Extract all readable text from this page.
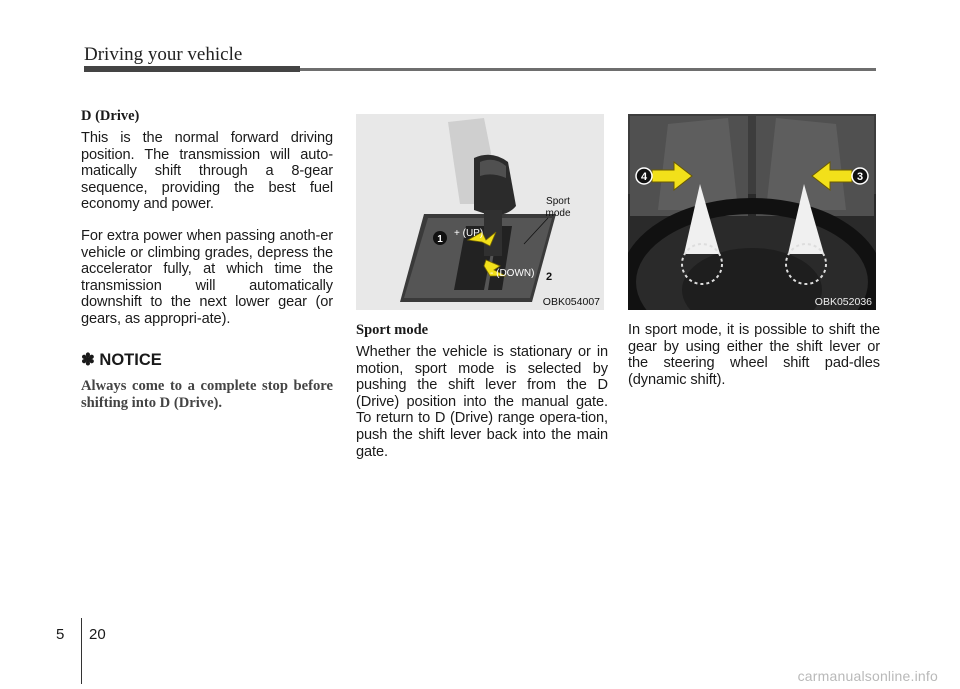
Driving your vehicle
D (Drive)

This is the normal forward driving position. The transmission will auto-matically shift through a 8-gear sequence, providing the best fuel economy and power.

For extra power when passing anoth-er vehicle or climbing grades, depress the accelerator fully, at which time the transmission will automatically downshift to the next lower gear (or gears, as appropri-ate).

✽ NOTICE

Always come to a complete stop before shifting into D (Drive).

Sport
mode
+ (UP)
- (DOWN)
1
2
OBK054007
Sport mode

Whether the vehicle is stationary or in motion, sport mode is selected by pushing the shift lever from the D (Drive) position into the manual gate. To return to D (Drive) range opera-tion, push the shift lever back into the main gate.

4	3
OBK052036

In sport mode, it is possible to shift the gear by using either the shift lever or the steering wheel shift pad-dles (dynamic shift).

5 20
carmanualsonline.info
